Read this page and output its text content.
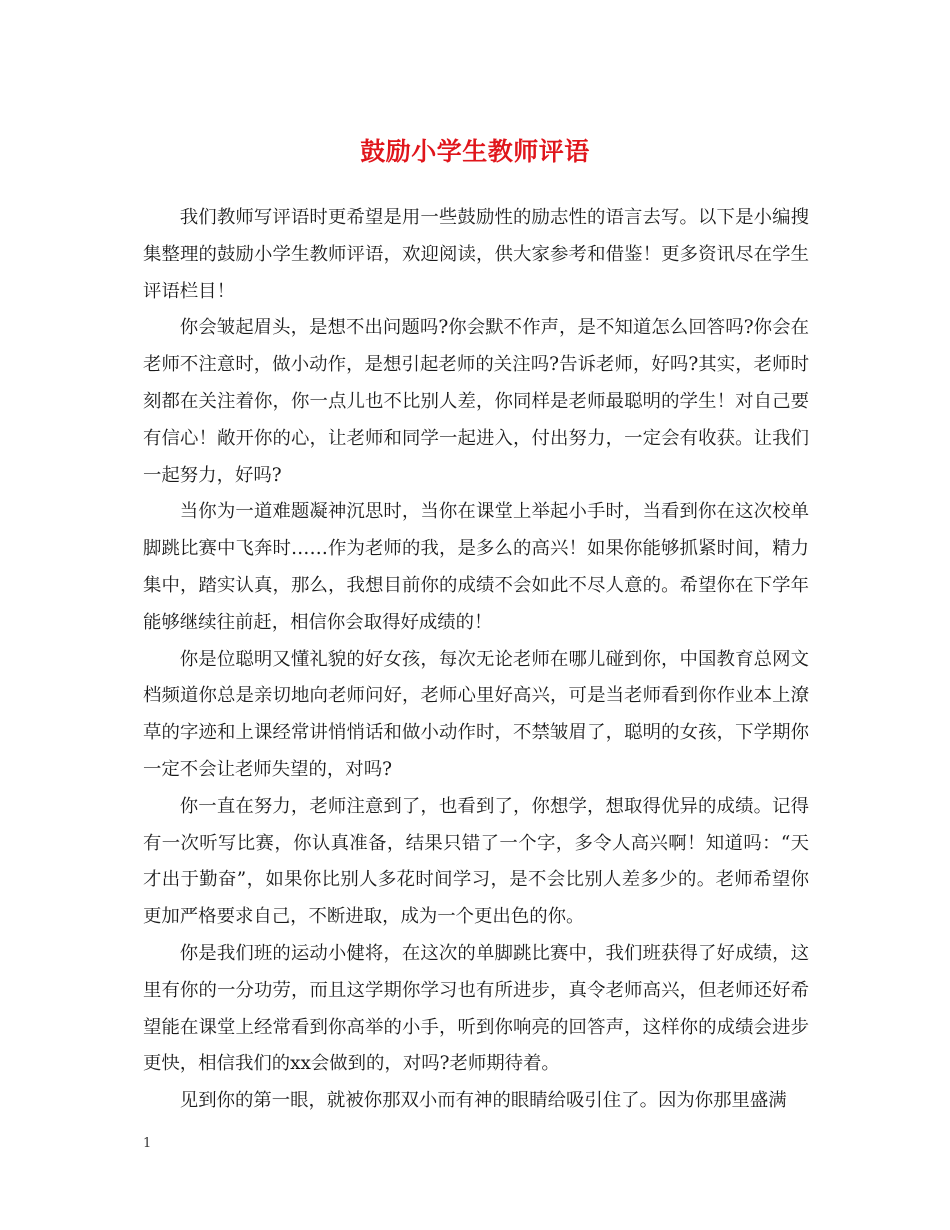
鼓励小学生教师评语

我们教师写评语时更希望是用一些鼓励性的励志性的语言去写。以下是小编搜集整理的鼓励小学生教师评语，欢迎阅读，供大家参考和借鉴！更多资讯尽在学生评语栏目！

你会皱起眉头，是想不出问题吗?你会默不作声，是不知道怎么回答吗?你会在老师不注意时，做小动作，是想引起老师的关注吗?告诉老师，好吗?其实，老师时刻都在关注着你，你一点儿也不比别人差，你同样是老师最聪明的学生！对自己要有信心！敞开你的心，让老师和同学一起进入，付出努力，一定会有收获。让我们一起努力，好吗?

当你为一道难题凝神沉思时，当你在课堂上举起小手时，当看到你在这次校单脚跳比赛中飞奔时……作为老师的我，是多么的高兴！如果你能够抓紧时间，精力集中，踏实认真，那么，我想目前你的成绩不会如此不尽人意的。希望你在下学年能够继续往前赶，相信你会取得好成绩的！

你是位聪明又懂礼貌的好女孩，每次无论老师在哪儿碰到你，中国教育总网文档频道你总是亲切地向老师问好，老师心里好高兴，可是当老师看到你作业本上潦草的字迹和上课经常讲悄悄话和做小动作时，不禁皱眉了，聪明的女孩，下学期你一定不会让老师失望的，对吗?

你一直在努力，老师注意到了，也看到了，你想学，想取得优异的成绩。记得有一次听写比赛，你认真准备，结果只错了一个字，多令人高兴啊！知道吗：“天才出于勤奋”，如果你比别人多花时间学习，是不会比别人差多少的。老师希望你更加严格要求自己，不断进取，成为一个更出色的你。

你是我们班的运动小健将，在这次的单脚跳比赛中，我们班获得了好成绩，这里有你的一分功劳，而且这学期你学习也有所进步，真令老师高兴，但老师还好希望能在课堂上经常看到你高举的小手，听到你响亮的回答声，这样你的成绩会进步更快，相信我们的xx会做到的，对吗?老师期待着。

见到你的第一眼，就被你那双小而有神的眼睛给吸引住了。因为你那里盛满

1
